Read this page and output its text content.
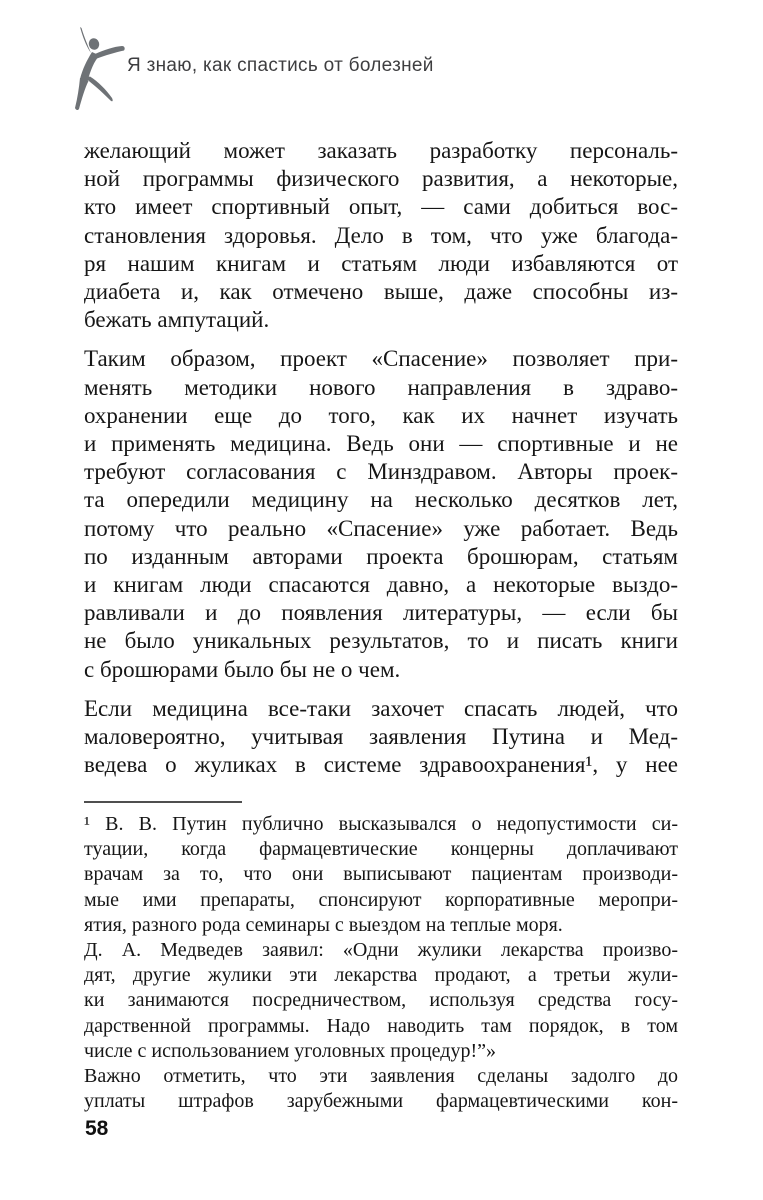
Я знаю, как спастись от болезней
желающий может заказать разработку персональ-
ной программы физического развития, а некоторые,
кто имеет спортивный опыт, — сами добиться вос-
становления здоровья. Дело в том, что уже благода-
ря нашим книгам и статьям люди избавляются от
диабета и, как отмечено выше, даже способны из-
бежать ампутаций.
Таким образом, проект «Спасение» позволяет при-
менять методики нового направления в здраво-
охранении еще до того, как их начнет изучать
и применять медицина. Ведь они — спортивные и не
требуют согласования с Минздравом. Авторы проек-
та опередили медицину на несколько десятков лет,
потому что реально «Спасение» уже работает. Ведь
по изданным авторами проекта брошюрам, статьям
и книгам люди спасаются давно, а некоторые выздо-
равливали и до появления литературы, — если бы
не было уникальных результатов, то и писать книги
с брошюрами было бы не о чем.
Если медицина все-таки захочет спасать людей, что
маловероятно, учитывая заявления Путина и Мед-
ведева о жуликах в системе здравоохранения¹, у нее
¹ В. В. Путин публично высказывался о недопустимости си-
туации, когда фармацевтические концерны доплачивают
врачам за то, что они выписывают пациентам производи-
мые ими препараты, спонсируют корпоративные меропри-
ятия, разного рода семинары с выездом на теплые моря.
Д. А. Медведев заявил: «Одни жулики лекарства произво-
дят, другие жулики эти лекарства продают, а третьи жули-
ки занимаются посредничеством, используя средства госу-
дарственной программы. Надо наводить там порядок, в том
числе с использованием уголовных процедур!”»
Важно отметить, что эти заявления сделаны задолго до
уплаты штрафов зарубежными фармацевтическими кон-
58
